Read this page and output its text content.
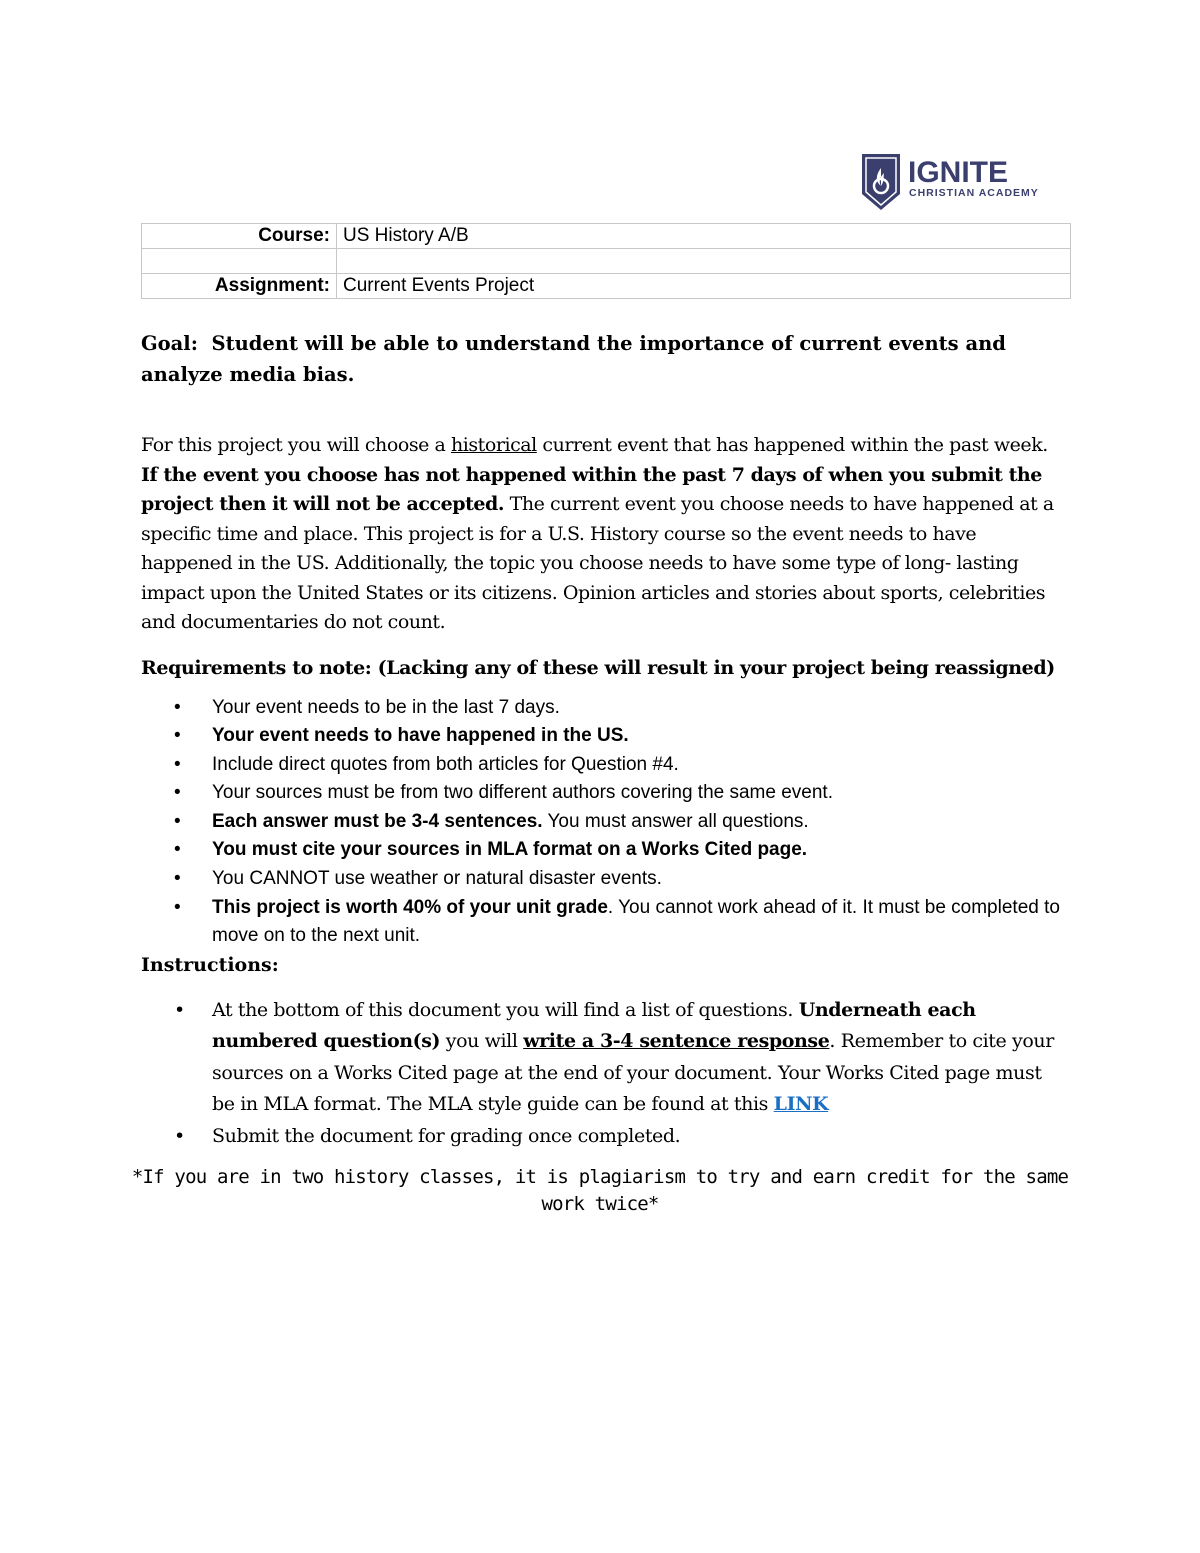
IGNITE
CHRISTIAN ACADEMY
Course:	US History A/B

Assignment:	Current Events Project

Goal: Student will be able to understand the importance of current events and analyze media bias.

For this project you will choose a historical current event that has happened within the past week. If the event you choose has not happened within the past 7 days of when you submit the project then it will not be accepted. The current event you choose needs to have happened at a specific time and place. This project is for a U.S. History course so the event needs to have happened in the US. Additionally, the topic you choose needs to have some type of long- lasting impact upon the United States or its citizens. Opinion articles and stories about sports, celebrities and documentaries do not count.

Requirements to note: (Lacking any of these will result in your project being reassigned)

• Your event needs to be in the last 7 days.
• Your event needs to have happened in the US.
• Include direct quotes from both articles for Question #4.
• Your sources must be from two different authors covering the same event.
• Each answer must be 3-4 sentences. You must answer all questions.
• You must cite your sources in MLA format on a Works Cited page.
• You CANNOT use weather or natural disaster events.
• This project is worth 40% of your unit grade. You cannot work ahead of it. It must be completed to move on to the next unit.

Instructions:

• At the bottom of this document you will find a list of questions. Underneath each numbered question(s) you will write a 3-4 sentence response. Remember to cite your sources on a Works Cited page at the end of your document. Your Works Cited page must be in MLA format. The MLA style guide can be found at this LINK
• Submit the document for grading once completed.
*If you are in two history classes, it is plagiarism to try and earn credit for the same
work twice*
